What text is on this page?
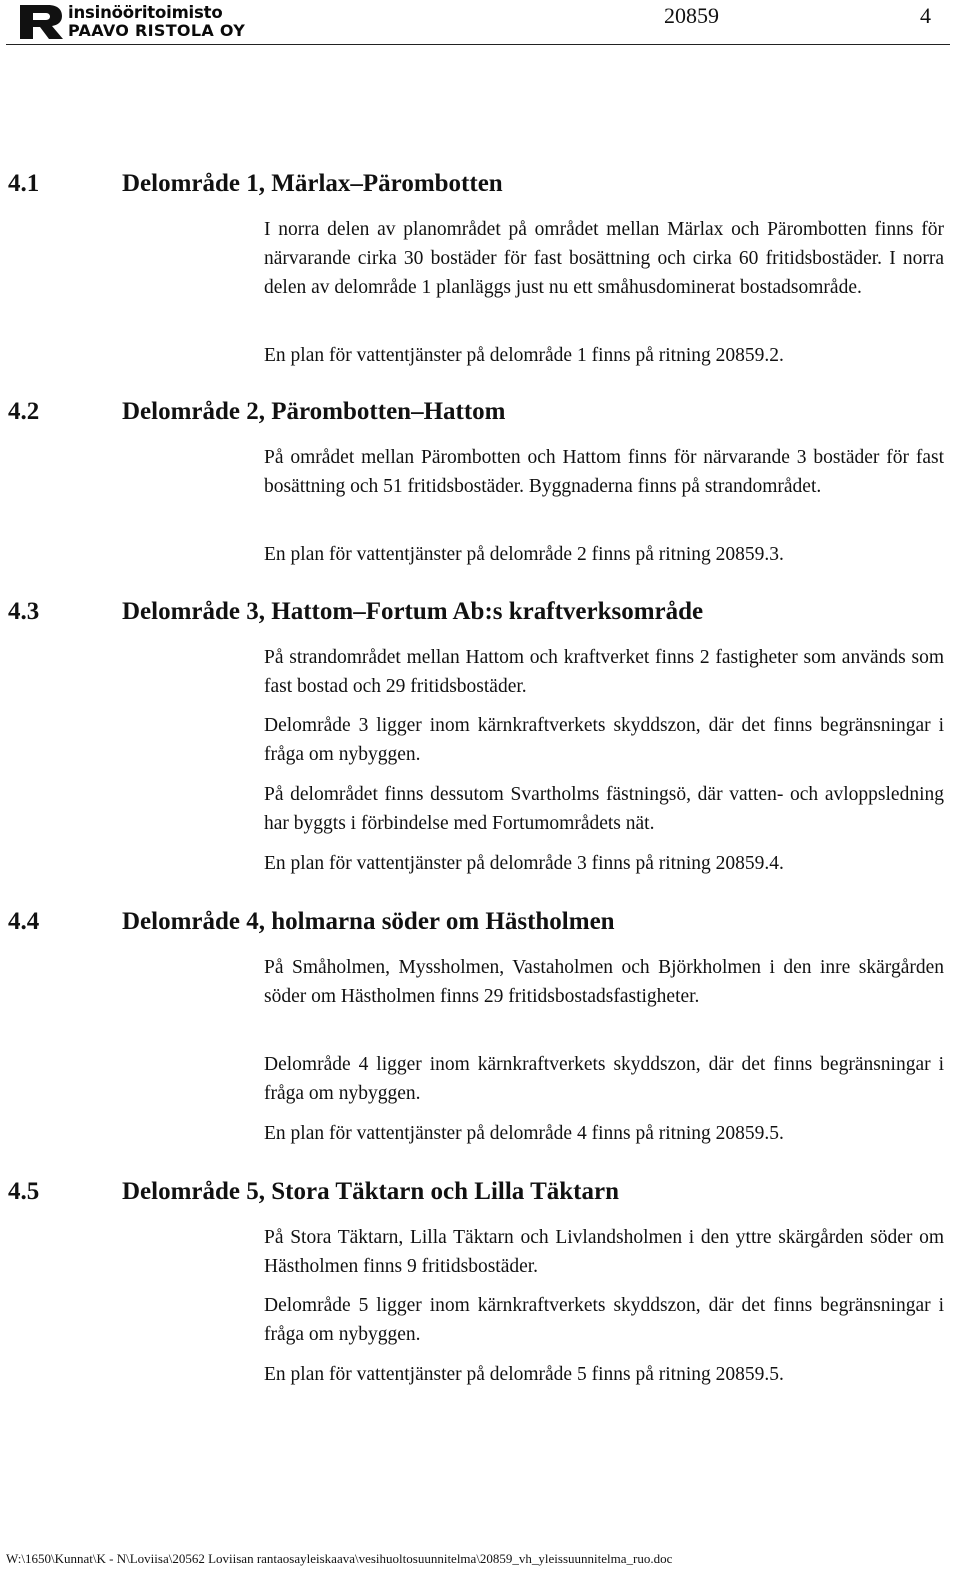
insinööritoimisto
PAAVO RISTOLA OY
20859	4
4.1	Delområde 1, Märlax–Pärombotten

I norra delen av planområdet på området mellan Märlax och Pärombotten finns för närvarande cirka 30 bostäder för fast bosättning och cirka 60 fritidsbostäder. I norra delen av delområde 1 planläggs just nu ett småhusdominerat bostadsområde.

En plan för vattentjänster på delområde 1 finns på ritning 20859.2.

4.2	Delområde 2, Pärombotten–Hattom

På området mellan Pärombotten och Hattom finns för närvarande 3 bostäder för fast bosättning och 51 fritidsbostäder. Byggnaderna finns på strandområdet.

En plan för vattentjänster på delområde 2 finns på ritning 20859.3.

4.3	Delområde 3, Hattom–Fortum Ab:s kraftverksområde

På strandområdet mellan Hattom och kraftverket finns 2 fastigheter som används som fast bostad och 29 fritidsbostäder.

Delområde 3 ligger inom kärnkraftverkets skyddszon, där det finns begränsningar i fråga om nybyggen.

På delområdet finns dessutom Svartholms fästningsö, där vatten- och avloppsledning har byggts i förbindelse med Fortumområdets nät.

En plan för vattentjänster på delområde 3 finns på ritning 20859.4.

4.4	Delområde 4, holmarna söder om Hästholmen

På Småholmen, Myssholmen, Vastaholmen och Björkholmen i den inre skärgården söder om Hästholmen finns 29 fritidsbostadsfastigheter.

Delområde 4 ligger inom kärnkraftverkets skyddszon, där det finns begränsningar i fråga om nybyggen.

En plan för vattentjänster på delområde 4 finns på ritning 20859.5.

4.5	Delområde 5, Stora Täktarn och Lilla Täktarn

På Stora Täktarn, Lilla Täktarn och Livlandsholmen i den yttre skärgården söder om Hästholmen finns 9 fritidsbostäder.

Delområde 5 ligger inom kärnkraftverkets skyddszon, där det finns begränsningar i fråga om nybyggen.

En plan för vattentjänster på delområde 5 finns på ritning 20859.5.

W:\1650\Kunnat\K - N\Loviisa\20562 Loviisan rantaosayleiskaava\vesihuoltosuunnitelma\20859_vh_yleissuunnitelma_ruo.doc
